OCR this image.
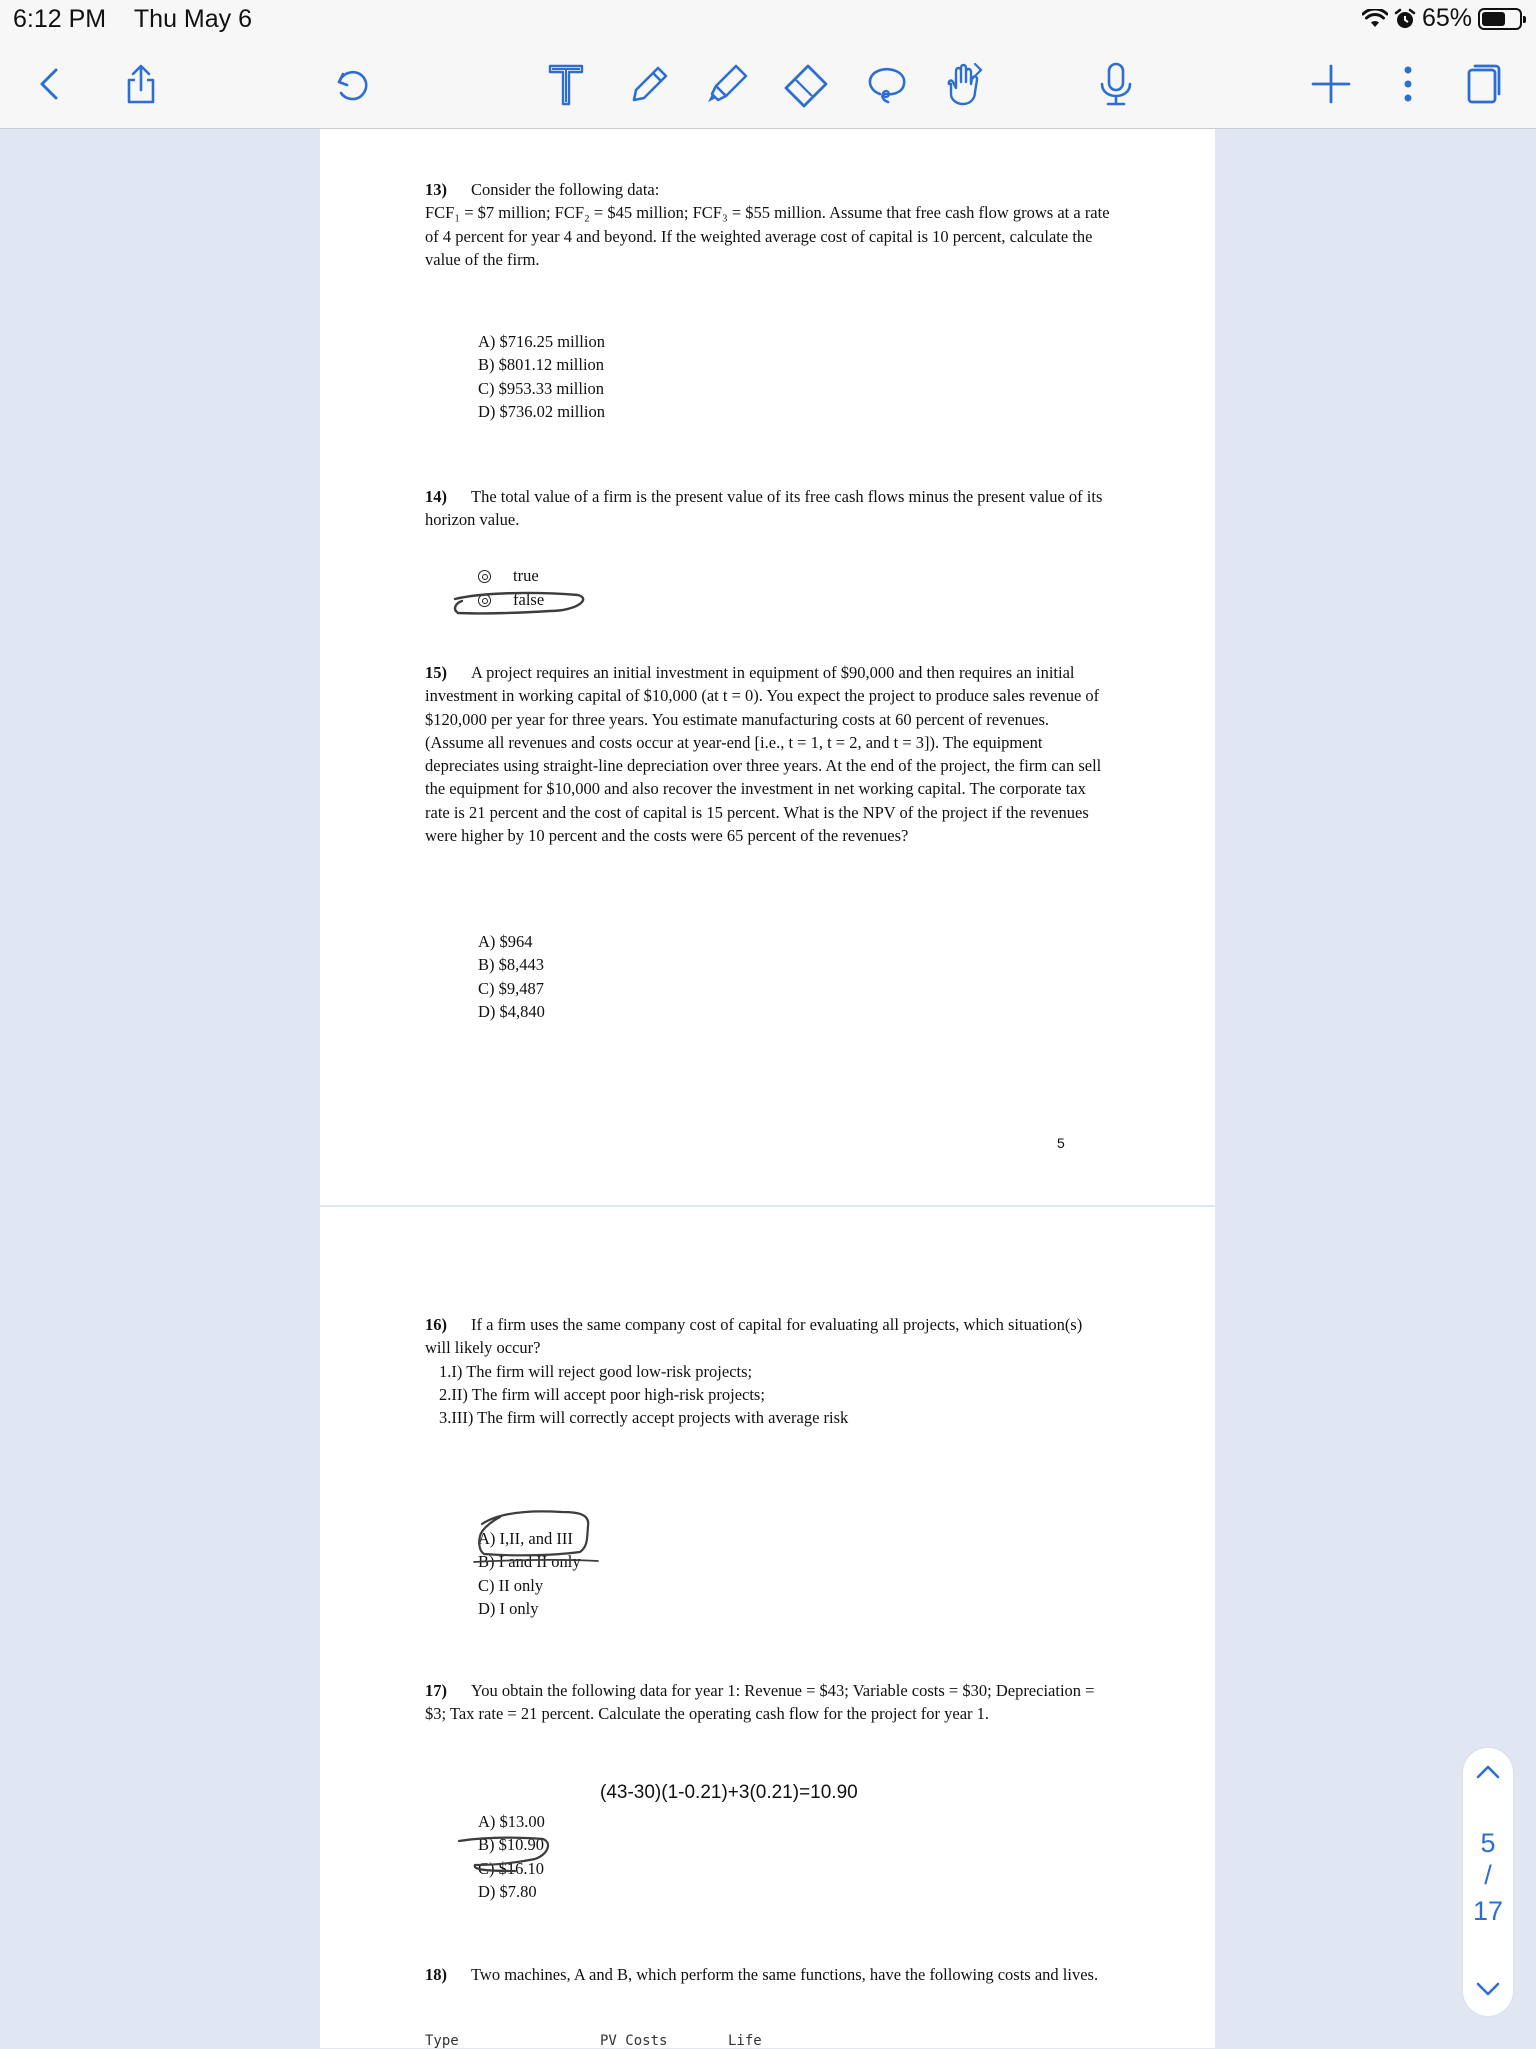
6:12 PM Thu May 6	65%
13) Consider the following data:
FCF₁ = $7 million; FCF₂ = $45 million; FCF₃ = $55 million. Assume that free cash flow grows at a rate of 4 percent for year 4 and beyond. If the weighted average cost of capital is 10 percent, calculate the value of the firm.
A) $716.25 million
B) $801.12 million
C) $953.33 million
D) $736.02 million
14) The total value of a firm is the present value of its free cash flows minus the present value of its horizon value.
true
false
15) A project requires an initial investment in equipment of $90,000 and then requires an initial investment in working capital of $10,000 (at t = 0). You expect the project to produce sales revenue of $120,000 per year for three years. You estimate manufacturing costs at 60 percent of revenues. (Assume all revenues and costs occur at year-end [i.e., t = 1, t = 2, and t = 3]). The equipment depreciates using straight-line depreciation over three years. At the end of the project, the firm can sell the equipment for $10,000 and also recover the investment in net working capital. The corporate tax rate is 21 percent and the cost of capital is 15 percent. What is the NPV of the project if the revenues were higher by 10 percent and the costs were 65 percent of the revenues?
A) $964
B) $8,443
C) $9,487
D) $4,840
5
16) If a firm uses the same company cost of capital for evaluating all projects, which situation(s) will likely occur?
1.I) The firm will reject good low-risk projects;
2.II) The firm will accept poor high-risk projects;
3.III) The firm will correctly accept projects with average risk
A) I,II, and III
B) I and II only
C) II only
D) I only
17) You obtain the following data for year 1: Revenue = $43; Variable costs = $30; Depreciation = $3; Tax rate = 21 percent. Calculate the operating cash flow for the project for year 1.
(43-30)(1-0.21)+3(0.21)=10.90
A) $13.00
B) $10.90
C) $16.10
D) $7.80
18) Two machines, A and B, which perform the same functions, have the following costs and lives.
Type	PV Costs	Life
5
/
17
